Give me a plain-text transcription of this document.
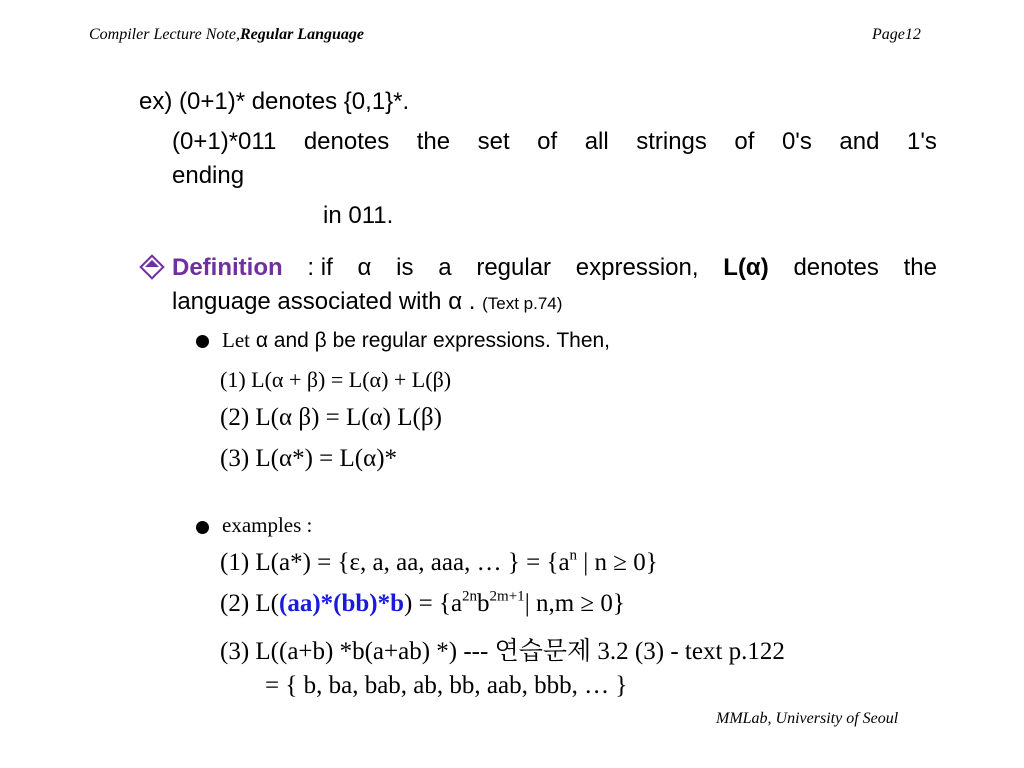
Compiler Lecture Note,Regular Language	Page12
ex) (0+1)* denotes {0,1}*.
(0+1)*011 denotes the set of all strings of 0's and 1's
ending
in 011.
Definition : if α is a regular expression, L(α) denotes the
language associated with α . (Text p.74)
Let α and β be regular expressions. Then,
(1) L(α + β) = L(α) + L(β)
(2) L(α β) = L(α) L(β)
(3) L(α*) = L(α)*
examples :
(1) L(a*) = {ε, a, aa, aaa, … } = {$a^n$ | n ≥ 0}
(2) $L((aa)*(bb)*b) = \{a^{2n}b^{2m+1}|$ n,m ≥ 0}
(3) L((a+b) *b(a+ab) *) --- 연습문제 3.2 (3) - text p.122
= { b, ba, bab, ab, bb, aab, bbb, … }
MMLab, University of Seoul
